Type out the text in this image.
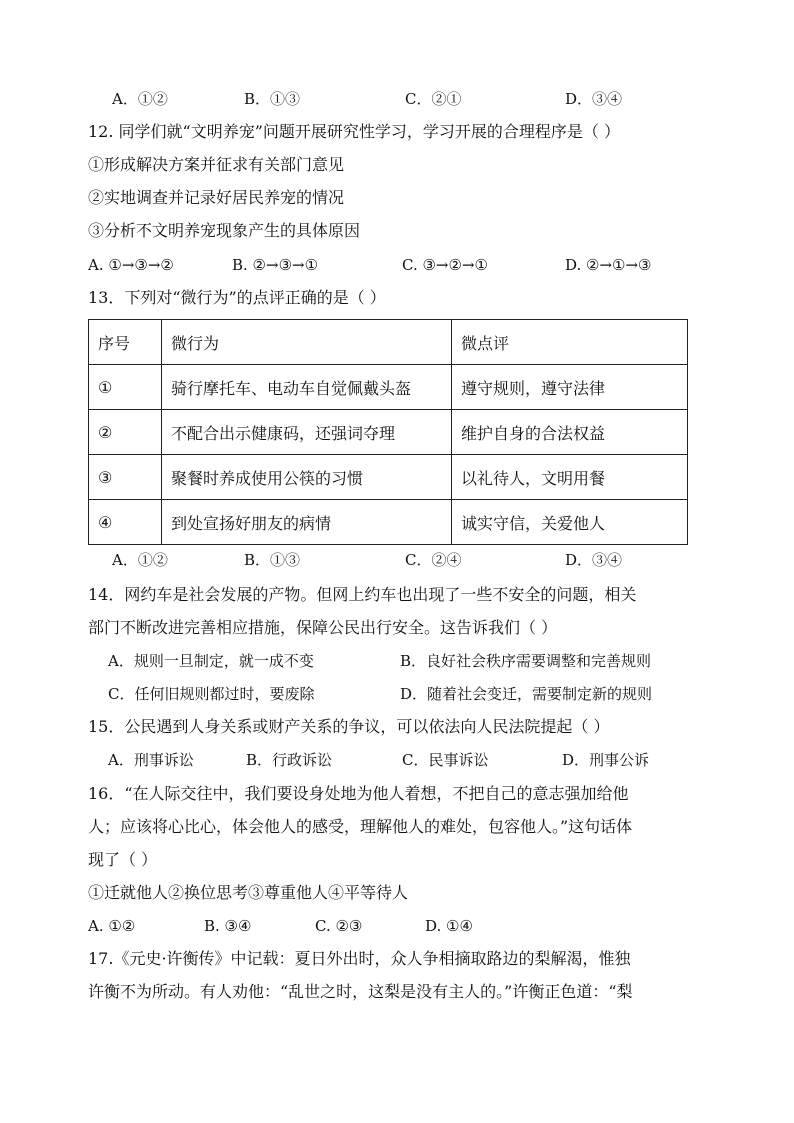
A．①②	B．①③	C．②①	D．③④
12. 同学们就“文明养宠”问题开展研究性学习，学习开展的合理程序是（ ）
①形成解决方案并征求有关部门意见
②实地调查并记录好居民养宠的情况
③分析不文明养宠现象产生的具体原因
A. ①→③→②	B. ②→③→①	C. ③→②→①	D. ②→①→③
13．下列对“微行为”的点评正确的是（ ）
序号	微行为	微点评
①	骑行摩托车、电动车自觉佩戴头盔	遵守规则，遵守法律
②	不配合出示健康码，还强词夺理	维护自身的合法权益
③	聚餐时养成使用公筷的习惯	以礼待人，文明用餐
④	到处宣扬好朋友的病情	诚实守信，关爱他人
A．①②	B．①③	C．②④	D．③④
14．网约车是社会发展的产物。但网上约车也出现了一些不安全的问题，相关
部门不断改进完善相应措施，保障公民出行安全。这告诉我们（ ）
A．规则一旦制定，就一成不变	B．良好社会秩序需要调整和完善规则
C．任何旧规则都过时，要废除	D．随着社会变迁，需要制定新的规则
15．公民遇到人身关系或财产关系的争议，可以依法向人民法院提起（ ）
A．刑事诉讼	B．行政诉讼	C．民事诉讼	D．刑事公诉
16．“在人际交往中，我们要设身处地为他人着想，不把自己的意志强加给他
人；应该将心比心，体会他人的感受，理解他人的难处，包容他人。”这句话体
现了（ ）
①迁就他人②换位思考③尊重他人④平等待人
A. ①②	B. ③④	C. ②③	D. ①④
17.《元史·许衡传》中记载：夏日外出时，众人争相摘取路边的梨解渴，惟独
许衡不为所动。有人劝他：“乱世之时，这梨是没有主人的。”许衡正色道：“梨
